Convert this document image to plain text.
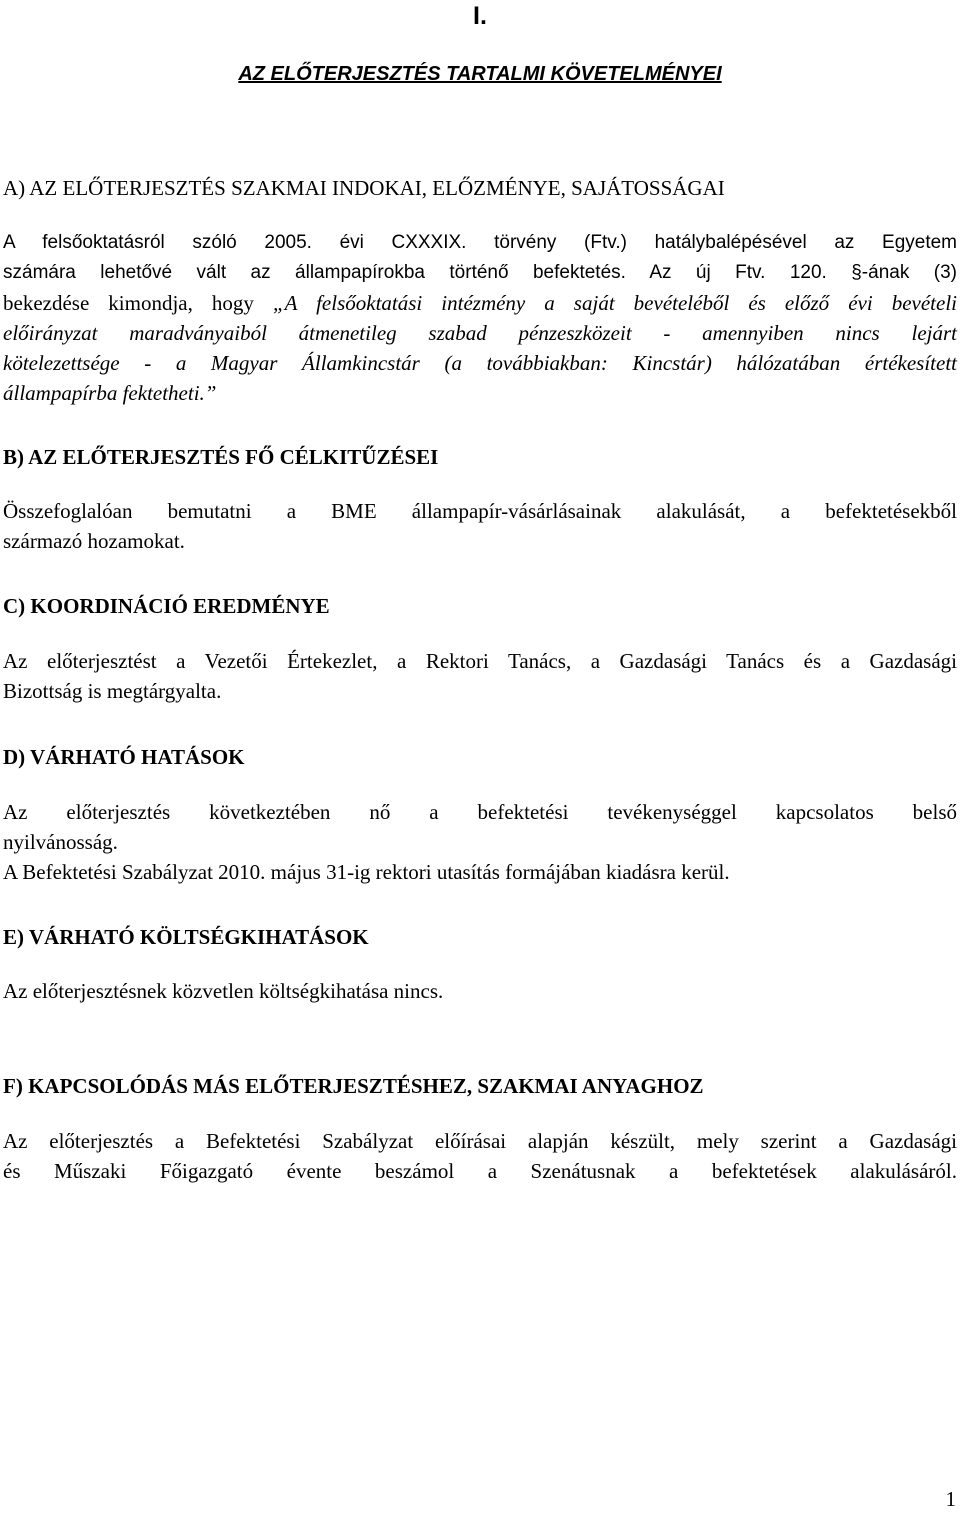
I.
AZ ELŐTERJESZTÉS TARTALMI KÖVETELMÉNYEI
A) AZ ELŐTERJESZTÉS SZAKMAI INDOKAI, ELŐZMÉNYE, SAJÁTOSSÁGAI
A felsőoktatásról szóló 2005. évi CXXXIX. törvény (Ftv.) hatálybalépésével az Egyetem
számára lehetővé vált az állampapírokba történő befektetés. Az új Ftv. 120. §-ának (3)
bekezdése kimondja, hogy „A felsőoktatási intézmény a saját bevételéből és előző évi bevételi
előirányzat maradványaiból átmenetileg szabad pénzeszközeit - amennyiben nincs lejárt
kötelezettsége - a Magyar Államkincstár (a továbbiakban: Kincstár) hálózatában értékesített
állampapírba fektetheti.”
B) AZ ELŐTERJESZTÉS FŐ CÉLKITŰZÉSEI
Összefoglalóan bemutatni a BME állampapír-vásárlásainak alakulását, a befektetésekből
származó hozamokat.
C) KOORDINÁCIÓ EREDMÉNYE
Az előterjesztést a Vezetői Értekezlet, a Rektori Tanács, a Gazdasági Tanács és a Gazdasági
Bizottság is megtárgyalta.
D) VÁRHATÓ HATÁSOK
Az előterjesztés következtében nő a befektetési tevékenységgel kapcsolatos belső
nyilvánosság.
A Befektetési Szabályzat 2010. május 31-ig rektori utasítás formájában kiadásra kerül.
E) VÁRHATÓ KÖLTSÉGKIHATÁSOK
Az előterjesztésnek közvetlen költségkihatása nincs.
F) KAPCSOLÓDÁS MÁS ELŐTERJESZTÉSHEZ, SZAKMAI ANYAGHOZ
Az előterjesztés a Befektetési Szabályzat előírásai alapján készült, mely szerint a Gazdasági
és Műszaki Főigazgató évente beszámol a Szenátusnak a befektetések alakulásáról.
1
